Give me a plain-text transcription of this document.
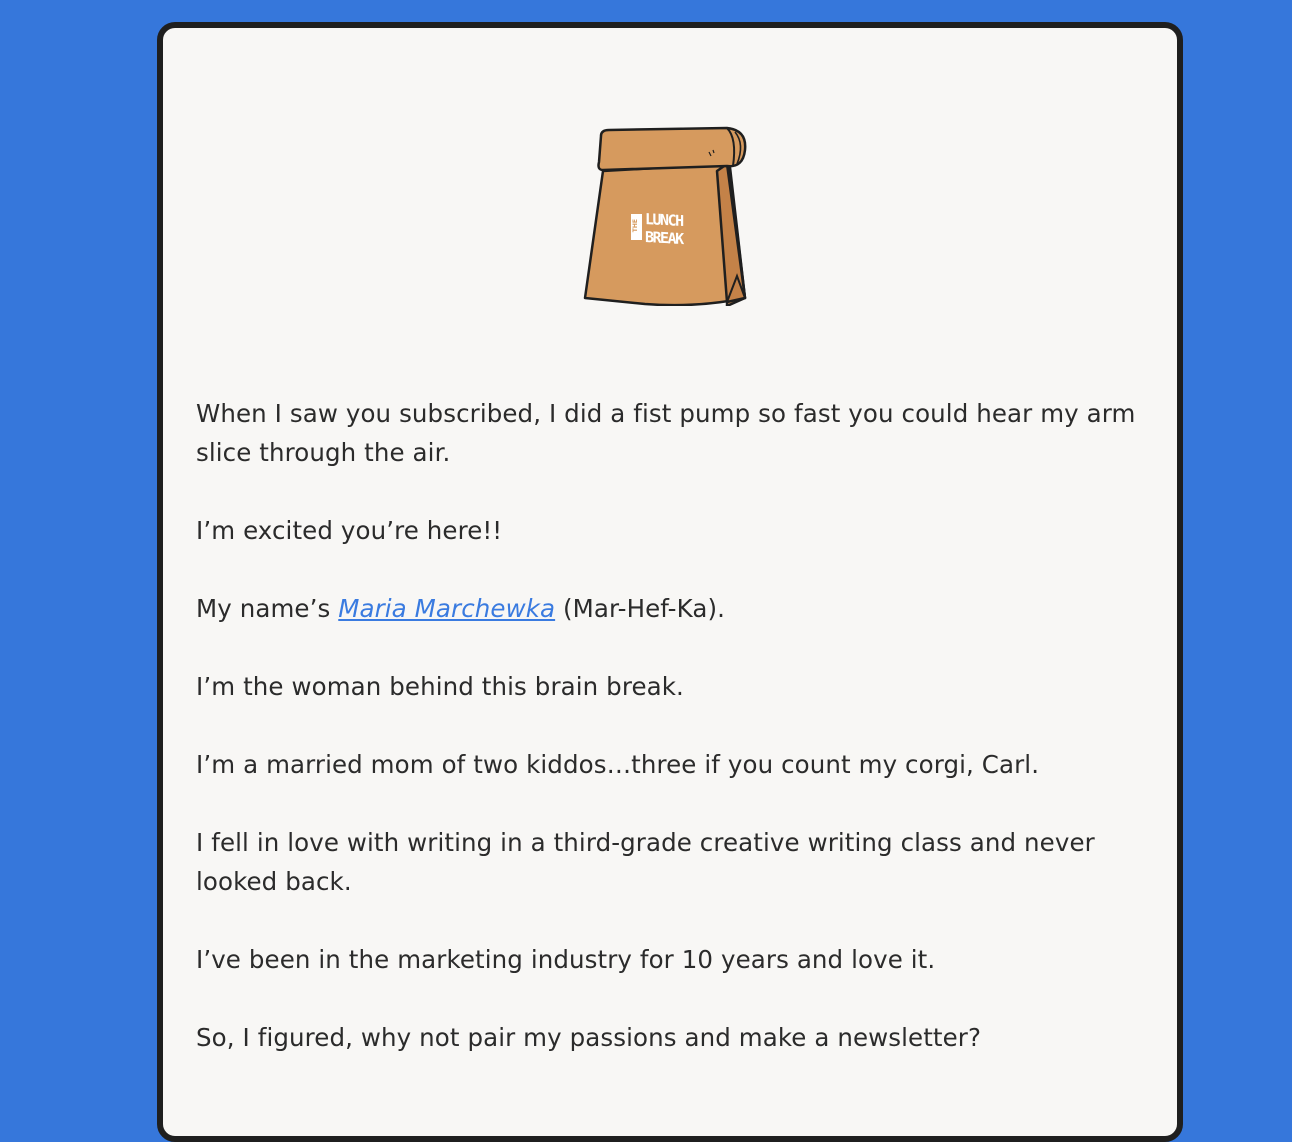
THE LUNCH
BREAK

When I saw you subscribed, I did a fist pump so fast you could hear my arm slice through the air.

I’m excited you’re here!!

My name’s Maria Marchewka (Mar-Hef-Ka).

I’m the woman behind this brain break.

I’m a married mom of two kiddos…three if you count my corgi, Carl.

I fell in love with writing in a third-grade creative writing class and never looked back.

I’ve been in the marketing industry for 10 years and love it.

So, I figured, why not pair my passions and make a newsletter?
